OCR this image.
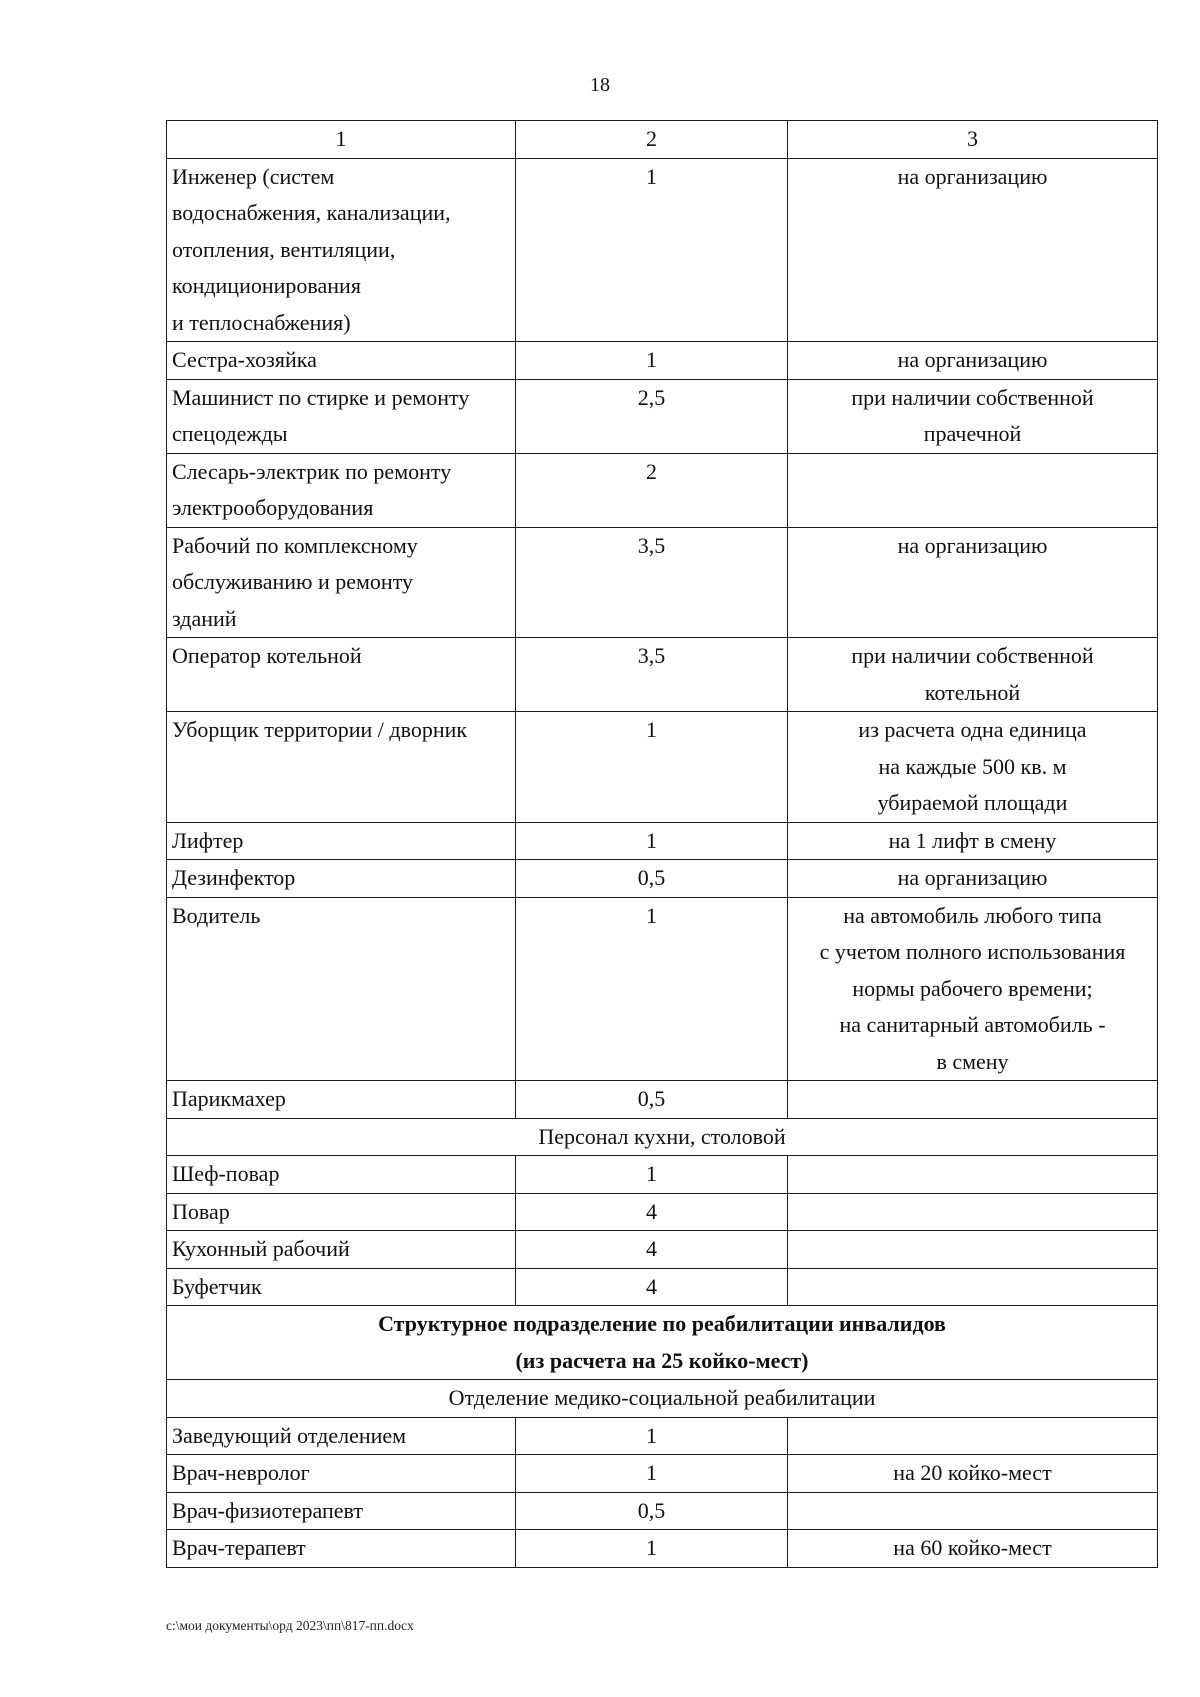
18
1	2	3
Инженер (систем
водоснабжения, канализации,
отопления, вентиляции,
кондиционирования
и теплоснабжения)	1	на организацию
Сестра-хозяйка	1	на организацию
Машинист по стирке и ремонту
спецодежды	2,5	при наличии собственной
прачечной
Слесарь-электрик по ремонту
электрооборудования	2	
Рабочий по комплексному
обслуживанию и ремонту
зданий	3,5	на организацию
Оператор котельной	3,5	при наличии собственной
котельной
Уборщик территории / дворник	1	из расчета одна единица
на каждые 500 кв. м
убираемой площади
Лифтер	1	на 1 лифт в смену
Дезинфектор	0,5	на организацию
Водитель	1	на автомобиль любого типа
с учетом полного использования
нормы рабочего времени;
на санитарный автомобиль -
в смену
Парикмахер	0,5	
Персонал кухни, столовой		
Шеф-повар	1	
Повар	4	
Кухонный рабочий	4	
Буфетчик	4	
Структурное подразделение по реабилитации инвалидов
(из расчета на 25 койко-мест)		
Отделение медико-социальной реабилитации		
Заведующий отделением	1	
Врач-невролог	1	на 20 койко-мест
Врач-физиотерапевт	0,5	
Врач-терапевт	1	на 60 койко-мест
c:\мои документы\орд 2023\пп\817-пп.docx
